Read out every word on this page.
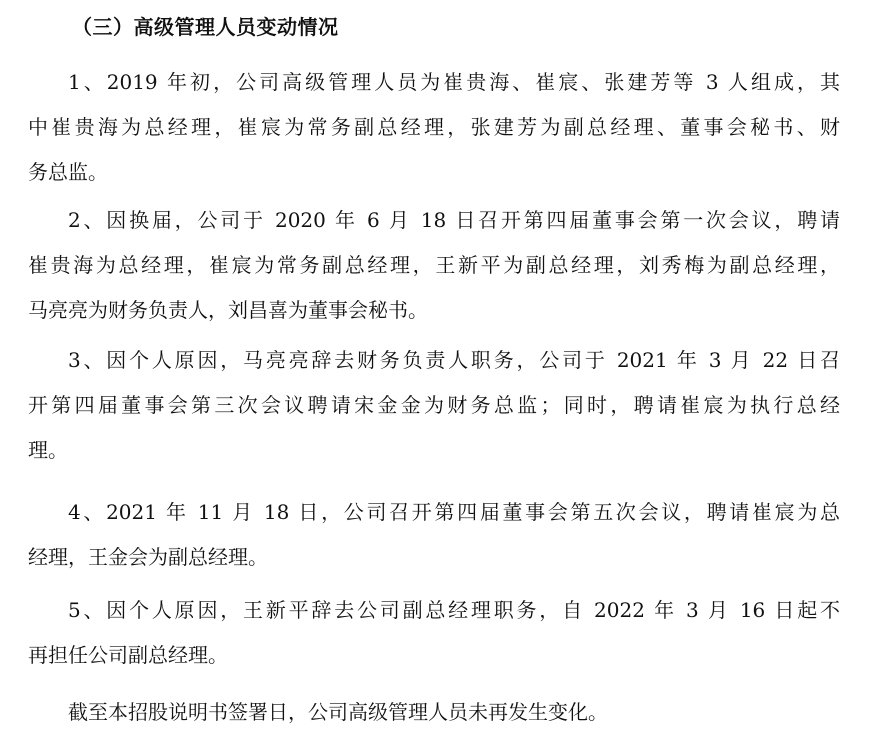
（三）高级管理人员变动情况
1、2019 年初，公司高级管理人员为崔贵海、崔宸、张建芳等 3 人组成，其
中崔贵海为总经理，崔宸为常务副总经理，张建芳为副总经理、董事会秘书、财
务总监。
2、因换届，公司于 2020 年 6 月 18 日召开第四届董事会第一次会议，聘请
崔贵海为总经理，崔宸为常务副总经理，王新平为副总经理，刘秀梅为副总经理，
马亮亮为财务负责人，刘昌喜为董事会秘书。
3、因个人原因，马亮亮辞去财务负责人职务，公司于 2021 年 3 月 22 日召
开第四届董事会第三次会议聘请宋金金为财务总监；同时，聘请崔宸为执行总经
理。
4、2021 年 11 月 18 日，公司召开第四届董事会第五次会议，聘请崔宸为总
经理，王金会为副总经理。
5、因个人原因，王新平辞去公司副总经理职务，自 2022 年 3 月 16 日起不
再担任公司副总经理。
截至本招股说明书签署日，公司高级管理人员未再发生变化。
